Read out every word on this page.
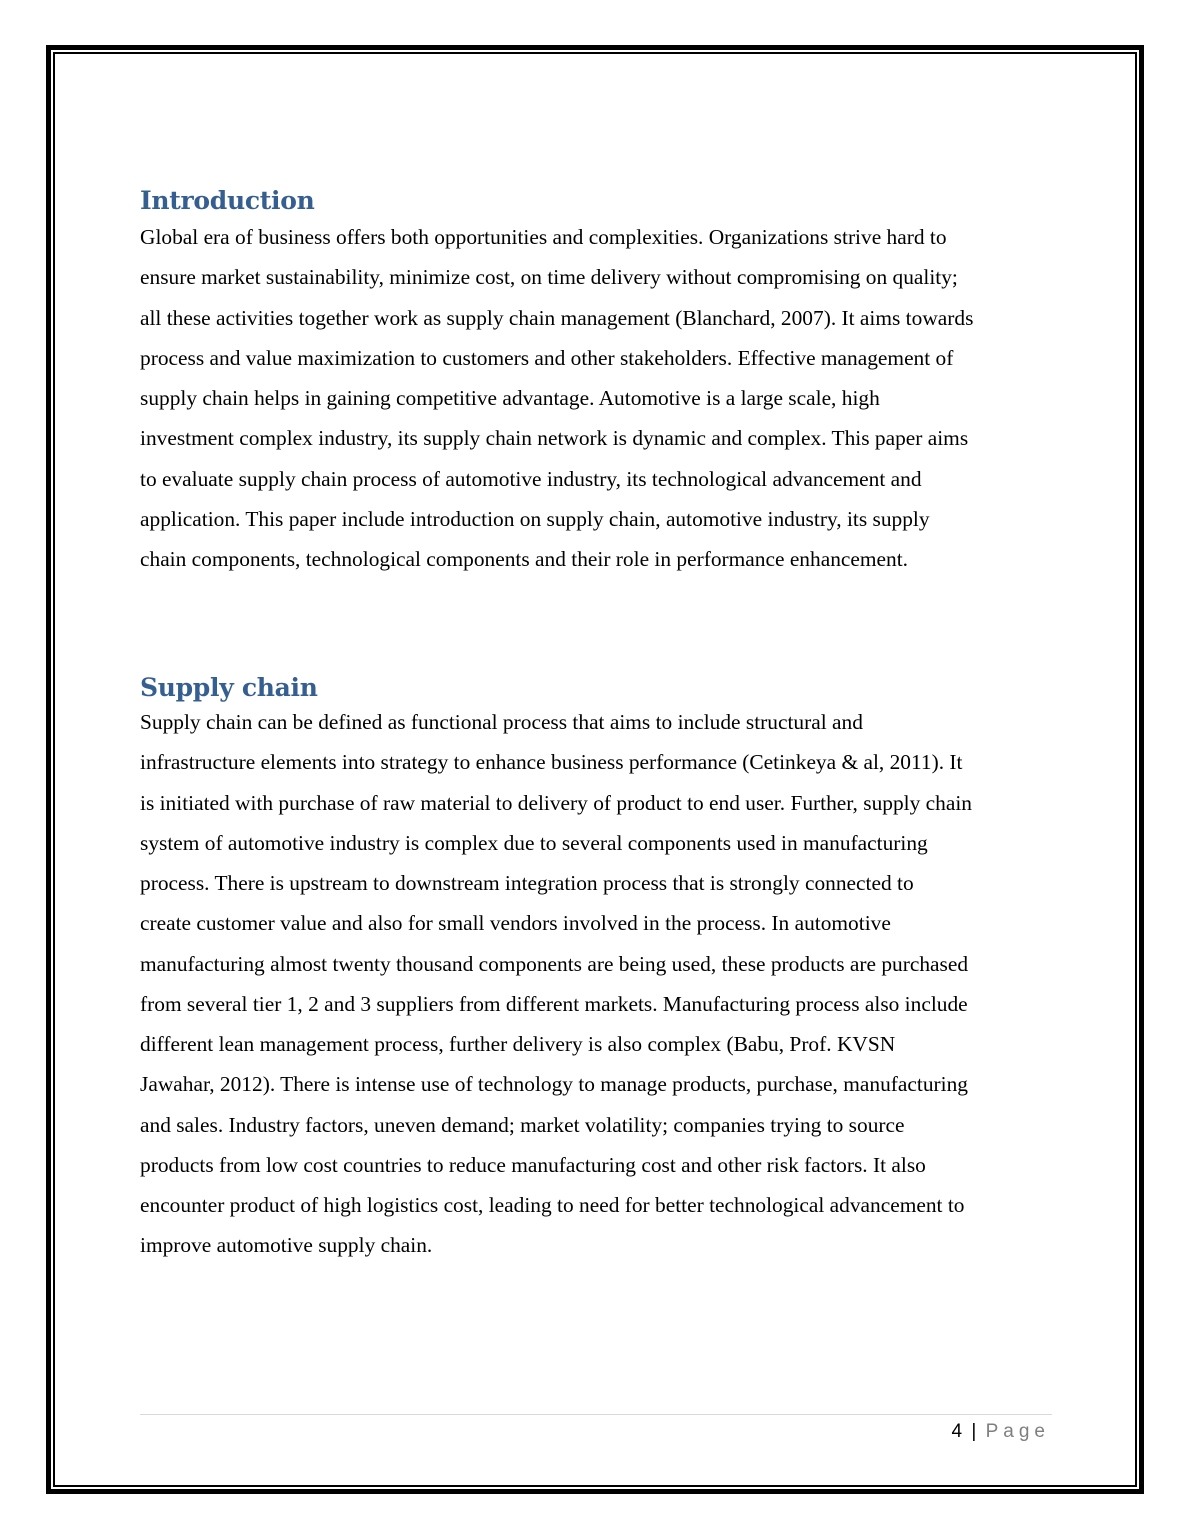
Introduction
Global era of business offers both opportunities and complexities. Organizations strive hard to
ensure market sustainability, minimize cost, on time delivery without compromising on quality;
all these activities together work as supply chain management (Blanchard, 2007). It aims towards
process and value maximization to customers and other stakeholders. Effective management of
supply chain helps in gaining competitive advantage. Automotive is a large scale, high
investment complex industry, its supply chain network is dynamic and complex. This paper aims
to evaluate supply chain process of automotive industry, its technological advancement and
application. This paper include introduction on supply chain, automotive industry, its supply
chain components, technological components and their role in performance enhancement.
Supply chain
Supply chain can be defined as functional process that aims to include structural and
infrastructure elements into strategy to enhance business performance (Cetinkeya & al, 2011). It
is initiated with purchase of raw material to delivery of product to end user. Further, supply chain
system of automotive industry is complex due to several components used in manufacturing
process. There is upstream to downstream integration process that is strongly connected to
create customer value and also for small vendors involved in the process. In automotive
manufacturing almost twenty thousand components are being used, these products are purchased
from several tier 1, 2 and 3 suppliers from different markets. Manufacturing process also include
different lean management process, further delivery is also complex (Babu, Prof. KVSN
Jawahar, 2012). There is intense use of technology to manage products, purchase, manufacturing
and sales. Industry factors, uneven demand; market volatility; companies trying to source
products from low cost countries to reduce manufacturing cost and other risk factors. It also
encounter product of high logistics cost, leading to need for better technological advancement to
improve automotive supply chain.
4 | Page
